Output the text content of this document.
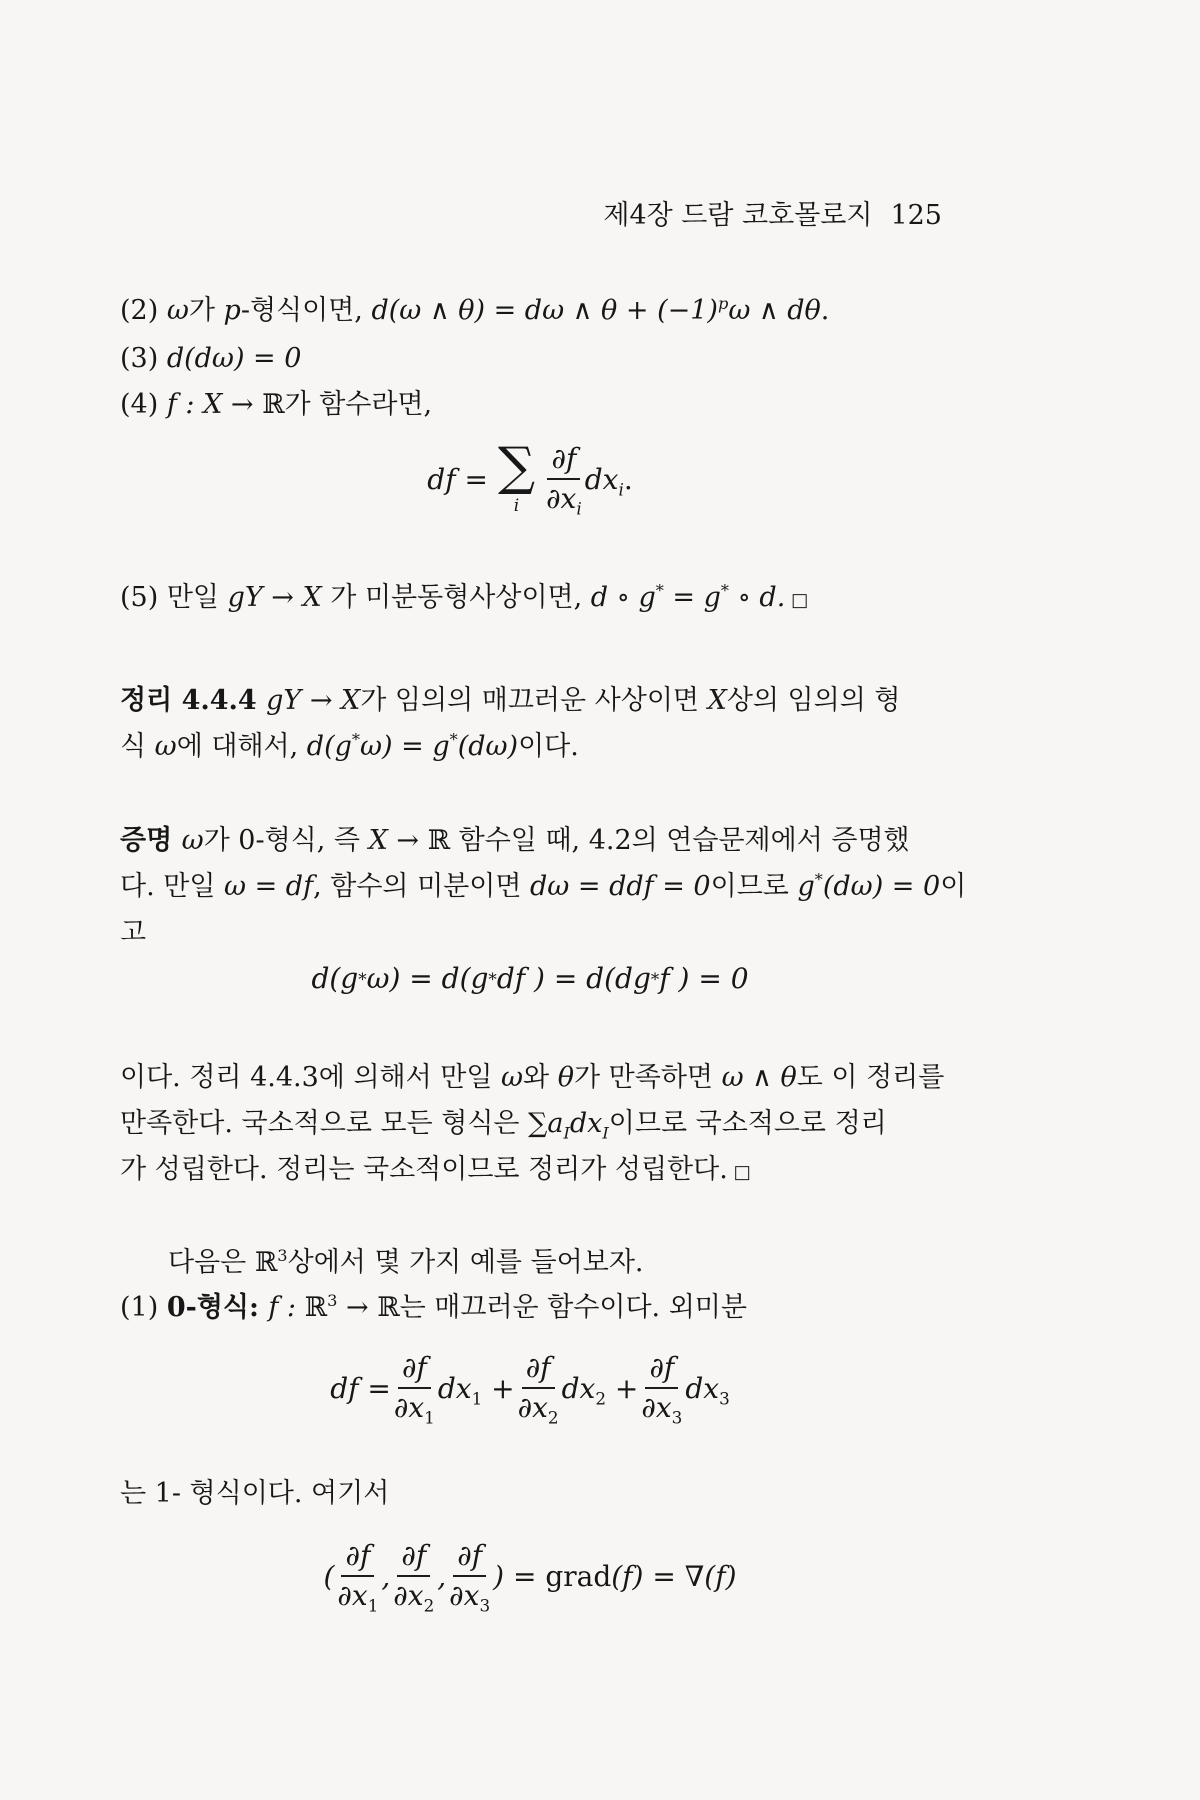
제4장 드람 코호몰로지 125
(2) ω가 p-형식이면, d(ω ∧ θ) = dω ∧ $\theta + (-1)^p\omega$ ∧ dθ.
(3) d(dω) = 0
(4) f : X → ℝ가 함수라면,
df = ∑
i $\frac{\partial f}{\partial x_i} dx_i$.
(5) 만일 gY → X 가 미분동형사상이면, d ∘ g* = g* ∘ d. □
정리 4.4.4 gY → X가 임의의 매끄러운 사상이면 X상의 임의의 형
식 ω에 대해서, d(g*ω) = g*(dω)이다.
증명 ω가 0-형식, 즉 X → ℝ 함수일 때, 4.2의 연습문제에서 증명했
다. 만일 ω = df, 함수의 미분이면 dω = ddf = 0이므로 g*(dω) = 0이
고
d(g * ω) = d(g * df ) = d(dg * f ) = 0
이다. 정리 4.4.3에 의해서 만일 ω와 θ가 만족하면 ω ∧ θ도 이 정리를
만족한다. 국소적으로 모든 형식은 $\sum a_Idx_I$이므로 국소적으로 정리
가 성립한다. 정리는 국소적이므로 정리가 성립한다. □
다음은 ℝ$^3$상에서 몇 가지 예를 들어보자.
(1) 0-형식: f : ℝ$^3$ → ℝ는 매끄러운 함수이다. 외미분
df = $\frac{\partial f}{\partial x_1} dx_1 + \frac{\partial f}{\partial x_2} dx_2 + \frac{\partial f}{\partial x_3} dx_3$
는 1- 형식이다. 여기서
( $\frac{\partial f}{\partial x_1}$ , $\frac{\partial f}{\partial x_2}$ , $\frac{\partial f}{\partial x_3}$ ) = grad(f) = ∇(f)
